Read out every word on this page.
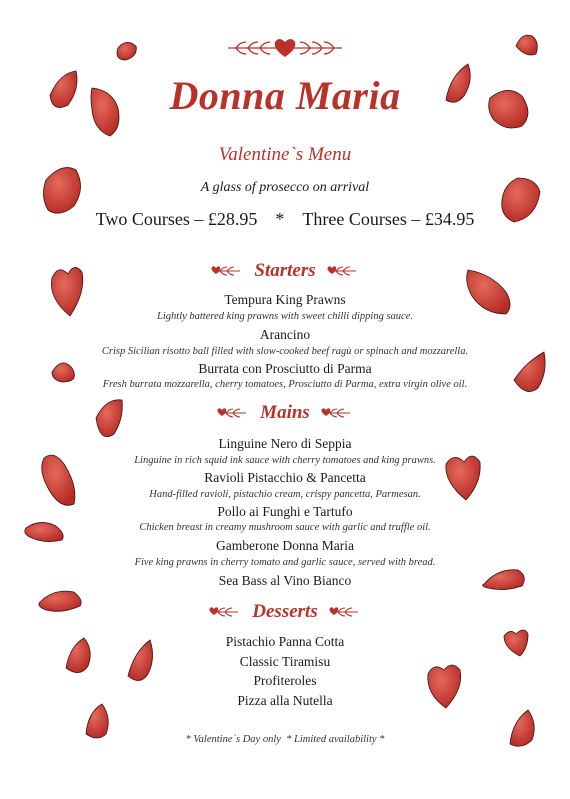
Donna Maria
Valentine`s Menu
A glass of prosecco on arrival
Two Courses – £28.95 * Three Courses – £34.95
Starters
Tempura King Prawns
Lightly battered king prawns with sweet chilli dipping sauce.
Arancino
Crisp Sicilian risotto ball filled with slow-cooked beef ragù or spinach and mozzarella.
Burrata con Prosciutto di Parma
Fresh burrata mozzarella, cherry tomatoes, Prosciutto di Parma, extra virgin olive oil.
Mains
Linguine Nero di Seppia
Linguine in rich squid ink sauce with cherry tomatoes and king prawns.
Ravioli Pistacchio & Pancetta
Hand-filled ravioli, pistachio cream, crispy pancetta, Parmesan.
Pollo ai Funghi e Tartufo
Chicken breast in creamy mushroom sauce with garlic and truffle oil.
Gamberone Donna Maria
Five king prawns in cherry tomato and garlic sauce, served with bread.
Sea Bass al Vino Bianco
Desserts
Pistachio Panna Cotta
Classic Tiramisu
Profiteroles
Pizza alla Nutella
* Valentine`s Day only  * Limited availability *
